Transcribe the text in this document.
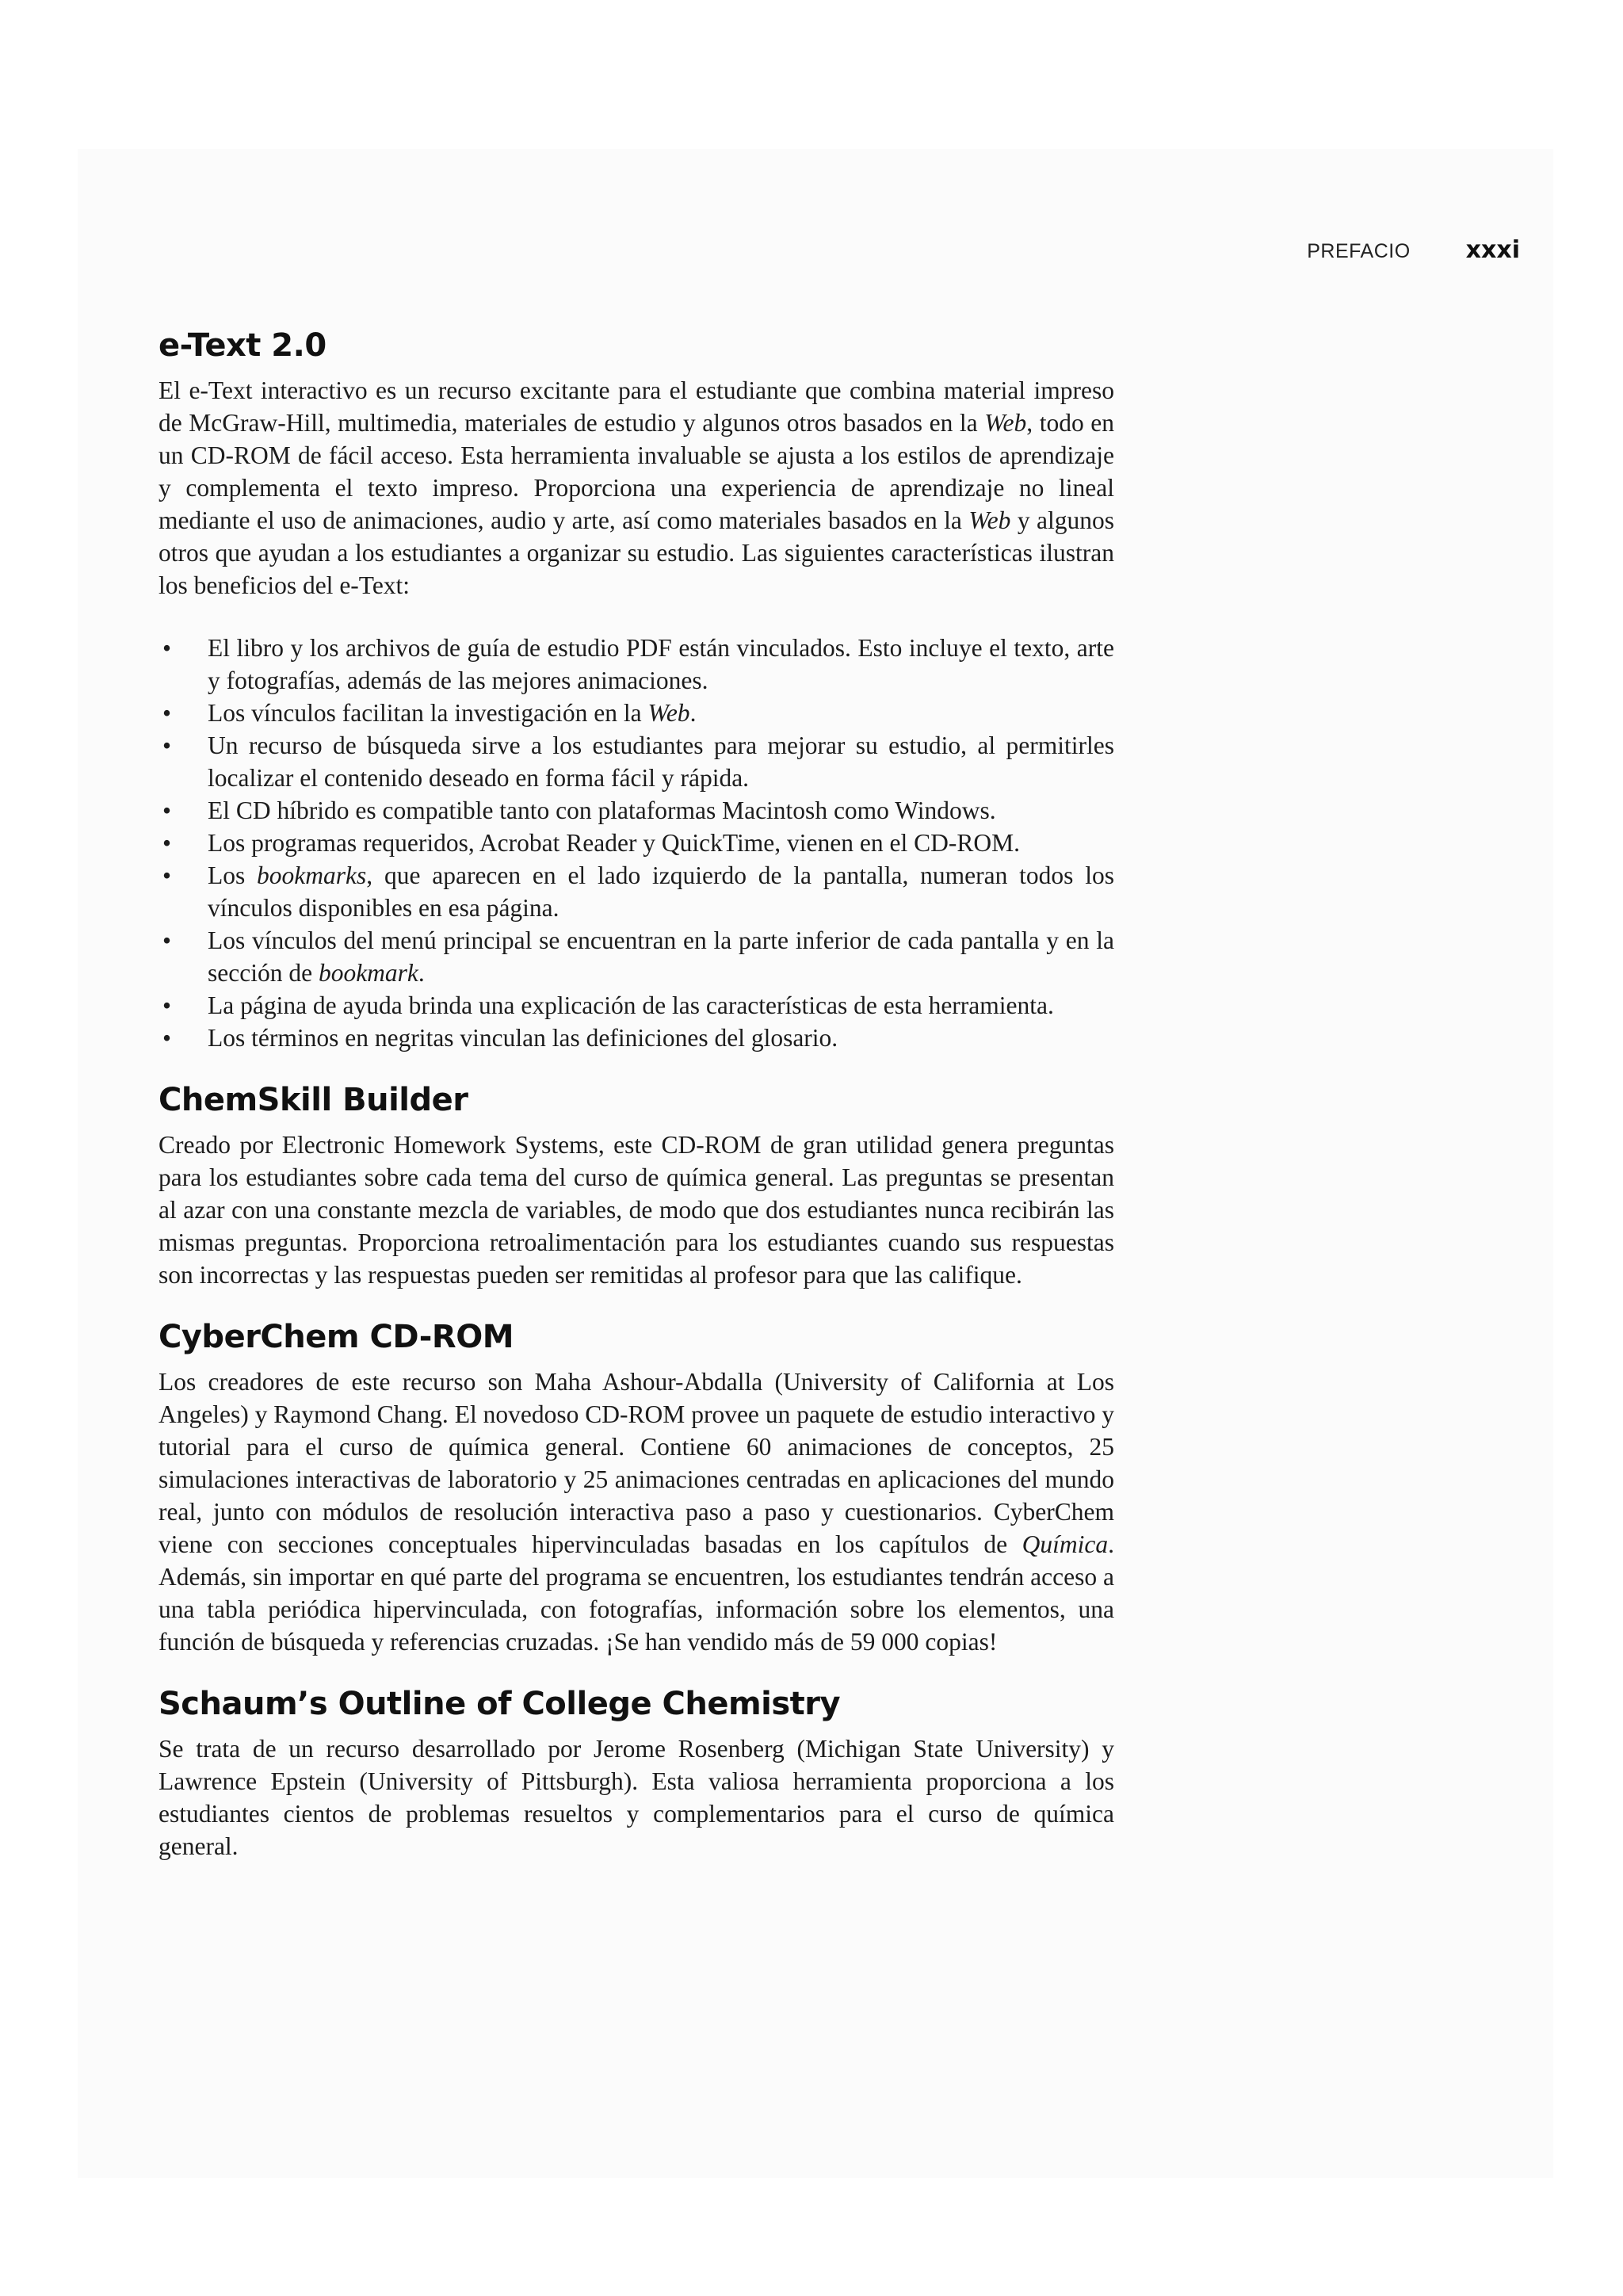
PREFACIO xxxi
e-Text 2.0

El e-Text interactivo es un recurso excitante para el estudiante que combina material impreso de McGraw-Hill, multimedia, materiales de estudio y algunos otros basados en la Web, todo en un CD-ROM de fácil acceso. Esta herramienta invaluable se ajusta a los estilos de aprendizaje y complementa el texto impreso. Proporciona una experiencia de aprendizaje no lineal mediante el uso de animaciones, audio y arte, así como materiales basados en la Web y algunos otros que ayudan a los estudiantes a organizar su estudio. Las siguientes características ilustran los beneficios del e-Text:

• El libro y los archivos de guía de estudio PDF están vinculados. Esto incluye el texto, arte y fotografías, además de las mejores animaciones.
• Los vínculos facilitan la investigación en la Web.
• Un recurso de búsqueda sirve a los estudiantes para mejorar su estudio, al permitirles localizar el contenido deseado en forma fácil y rápida.
• El CD híbrido es compatible tanto con plataformas Macintosh como Windows.
• Los programas requeridos, Acrobat Reader y QuickTime, vienen en el CD-ROM.
• Los bookmarks, que aparecen en el lado izquierdo de la pantalla, numeran todos los vínculos disponibles en esa página.
• Los vínculos del menú principal se encuentran en la parte inferior de cada pantalla y en la sección de bookmark.
• La página de ayuda brinda una explicación de las características de esta herramienta.
• Los términos en negritas vinculan las definiciones del glosario.
ChemSkill Builder

Creado por Electronic Homework Systems, este CD-ROM de gran utilidad genera preguntas para los estudiantes sobre cada tema del curso de química general. Las preguntas se presentan al azar con una constante mezcla de variables, de modo que dos estudiantes nunca recibirán las mismas preguntas. Proporciona retroalimentación para los estudiantes cuando sus respuestas son incorrectas y las respuestas pueden ser remitidas al profesor para que las califique.

CyberChem CD-ROM

Los creadores de este recurso son Maha Ashour-Abdalla (University of California at Los Angeles) y Raymond Chang. El novedoso CD-ROM provee un paquete de estudio interactivo y tutorial para el curso de química general. Contiene 60 animaciones de conceptos, 25 simulaciones interactivas de laboratorio y 25 animaciones centradas en aplicaciones del mundo real, junto con módulos de resolución interactiva paso a paso y cuestionarios. CyberChem viene con secciones conceptuales hipervinculadas basadas en los capítulos de Química. Además, sin importar en qué parte del programa se encuentren, los estudiantes tendrán acceso a una tabla periódica hipervinculada, con fotografías, información sobre los elementos, una función de búsqueda y referencias cruzadas. ¡Se han vendido más de 59 000 copias!

Schaum’s Outline of College Chemistry

Se trata de un recurso desarrollado por Jerome Rosenberg (Michigan State University) y Lawrence Epstein (University of Pittsburgh). Esta valiosa herramienta proporciona a los estudiantes cientos de problemas resueltos y complementarios para el curso de química general.
